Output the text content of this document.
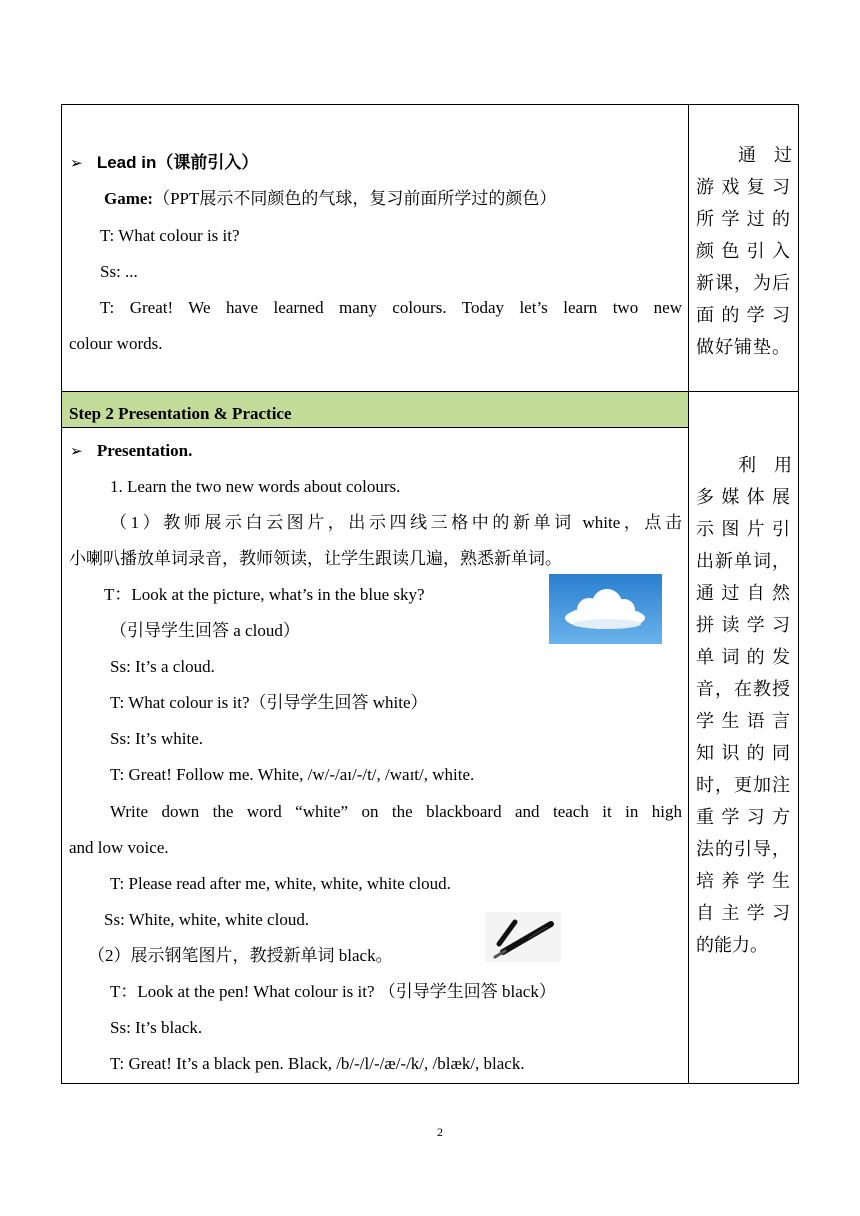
➢ Lead in（课前引入）
Game:（PPT展示不同颜色的气球，复习前面所学过的颜色）
T: What colour is it?
Ss: ...
T: Great! We have learned many colours. Today let’s learn two new
colour words.
通　过
游戏复习
所学过的
颜色引入
新课，为后
面的学习
做好铺垫。
Step 2 Presentation & Practice
➢ Presentation.
1. Learn the two new words about colours.
（1）教师展示白云图片，出示四线三格中的新单词 white，点击
小喇叭播放单词录音，教师领读，让学生跟读几遍，熟悉新单词。
T：Look at the picture, what’s in the blue sky?
（引导学生回答 a cloud）
Ss: It’s a cloud.
T: What colour is it?（引导学生回答 white）
Ss: It’s white.
T: Great! Follow me. White, /w/-/aɪ/-/t/, /waɪt/, white.
Write down the word “white” on the blackboard and teach it in high
and low voice.
T: Please read after me, white, white, white cloud.
Ss: White, white, white cloud.
（2）展示钢笔图片，教授新单词 black。
T：Look at the pen! What colour is it? （引导学生回答 black）
Ss: It’s black.
T: Great! It’s a black pen. Black, /b/-/l/-/æ/-/k/, /blæk/, black.
利　用
多媒体展
示图片引
出新单词，
通过自然
拼读学习
单词的发
音，在教授
学生语言
知识的同
时，更加注
重学习方
法的引导，
培养学生
自主学习
的能力。
2
